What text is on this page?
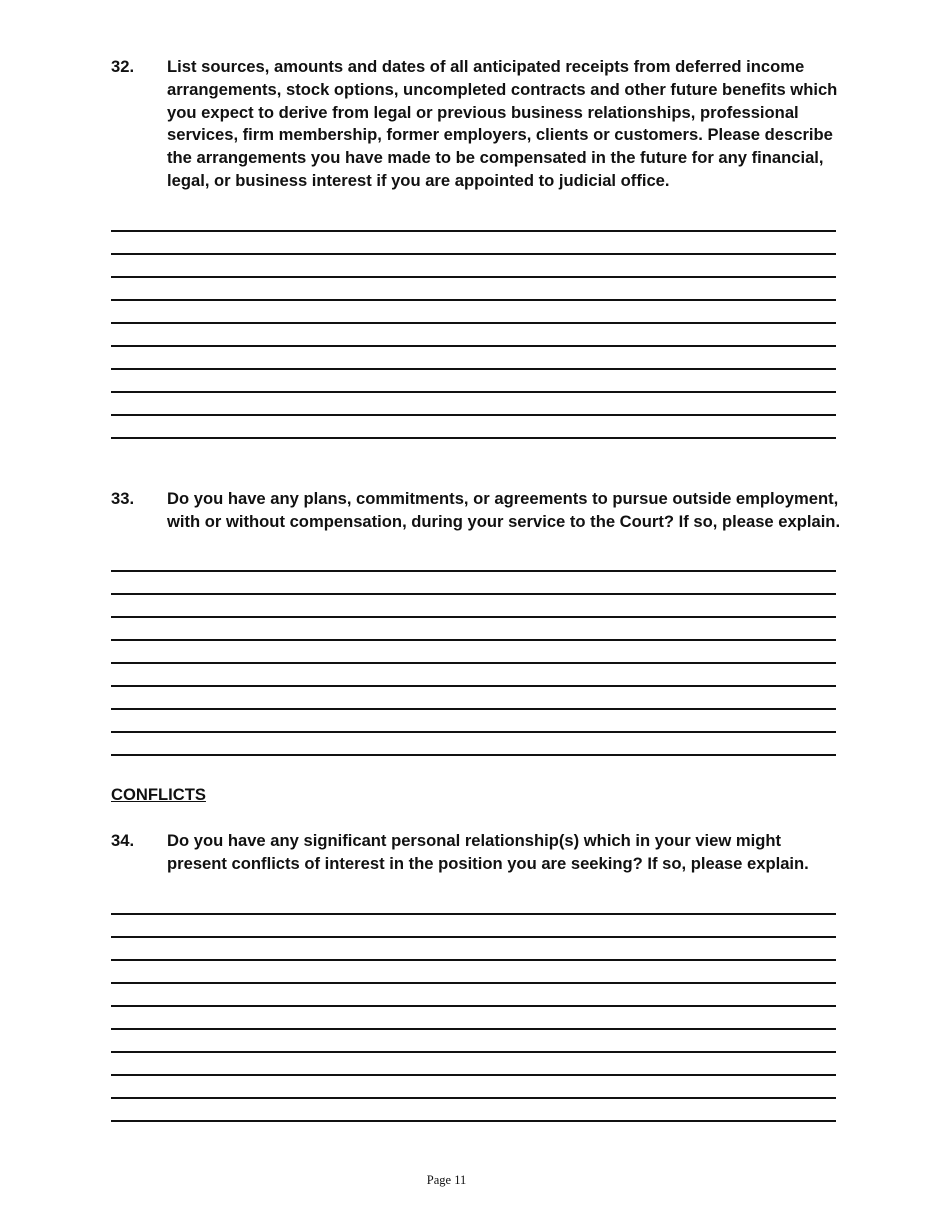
32.	List sources, amounts and dates of all anticipated receipts from deferred income arrangements, stock options, uncompleted contracts and other future benefits which you expect to derive from legal or previous business relationships, professional services, firm membership, former employers, clients or customers. Please describe the arrangements you have made to be compensated in the future for any financial, legal, or business interest if you are appointed to judicial office.
33.	Do you have any plans, commitments, or agreements to pursue outside employment, with or without compensation, during your service to the Court? If so, please explain.
CONFLICTS
34.	Do you have any significant personal relationship(s) which in your view might present conflicts of interest in the position you are seeking? If so, please explain.
Page 11
